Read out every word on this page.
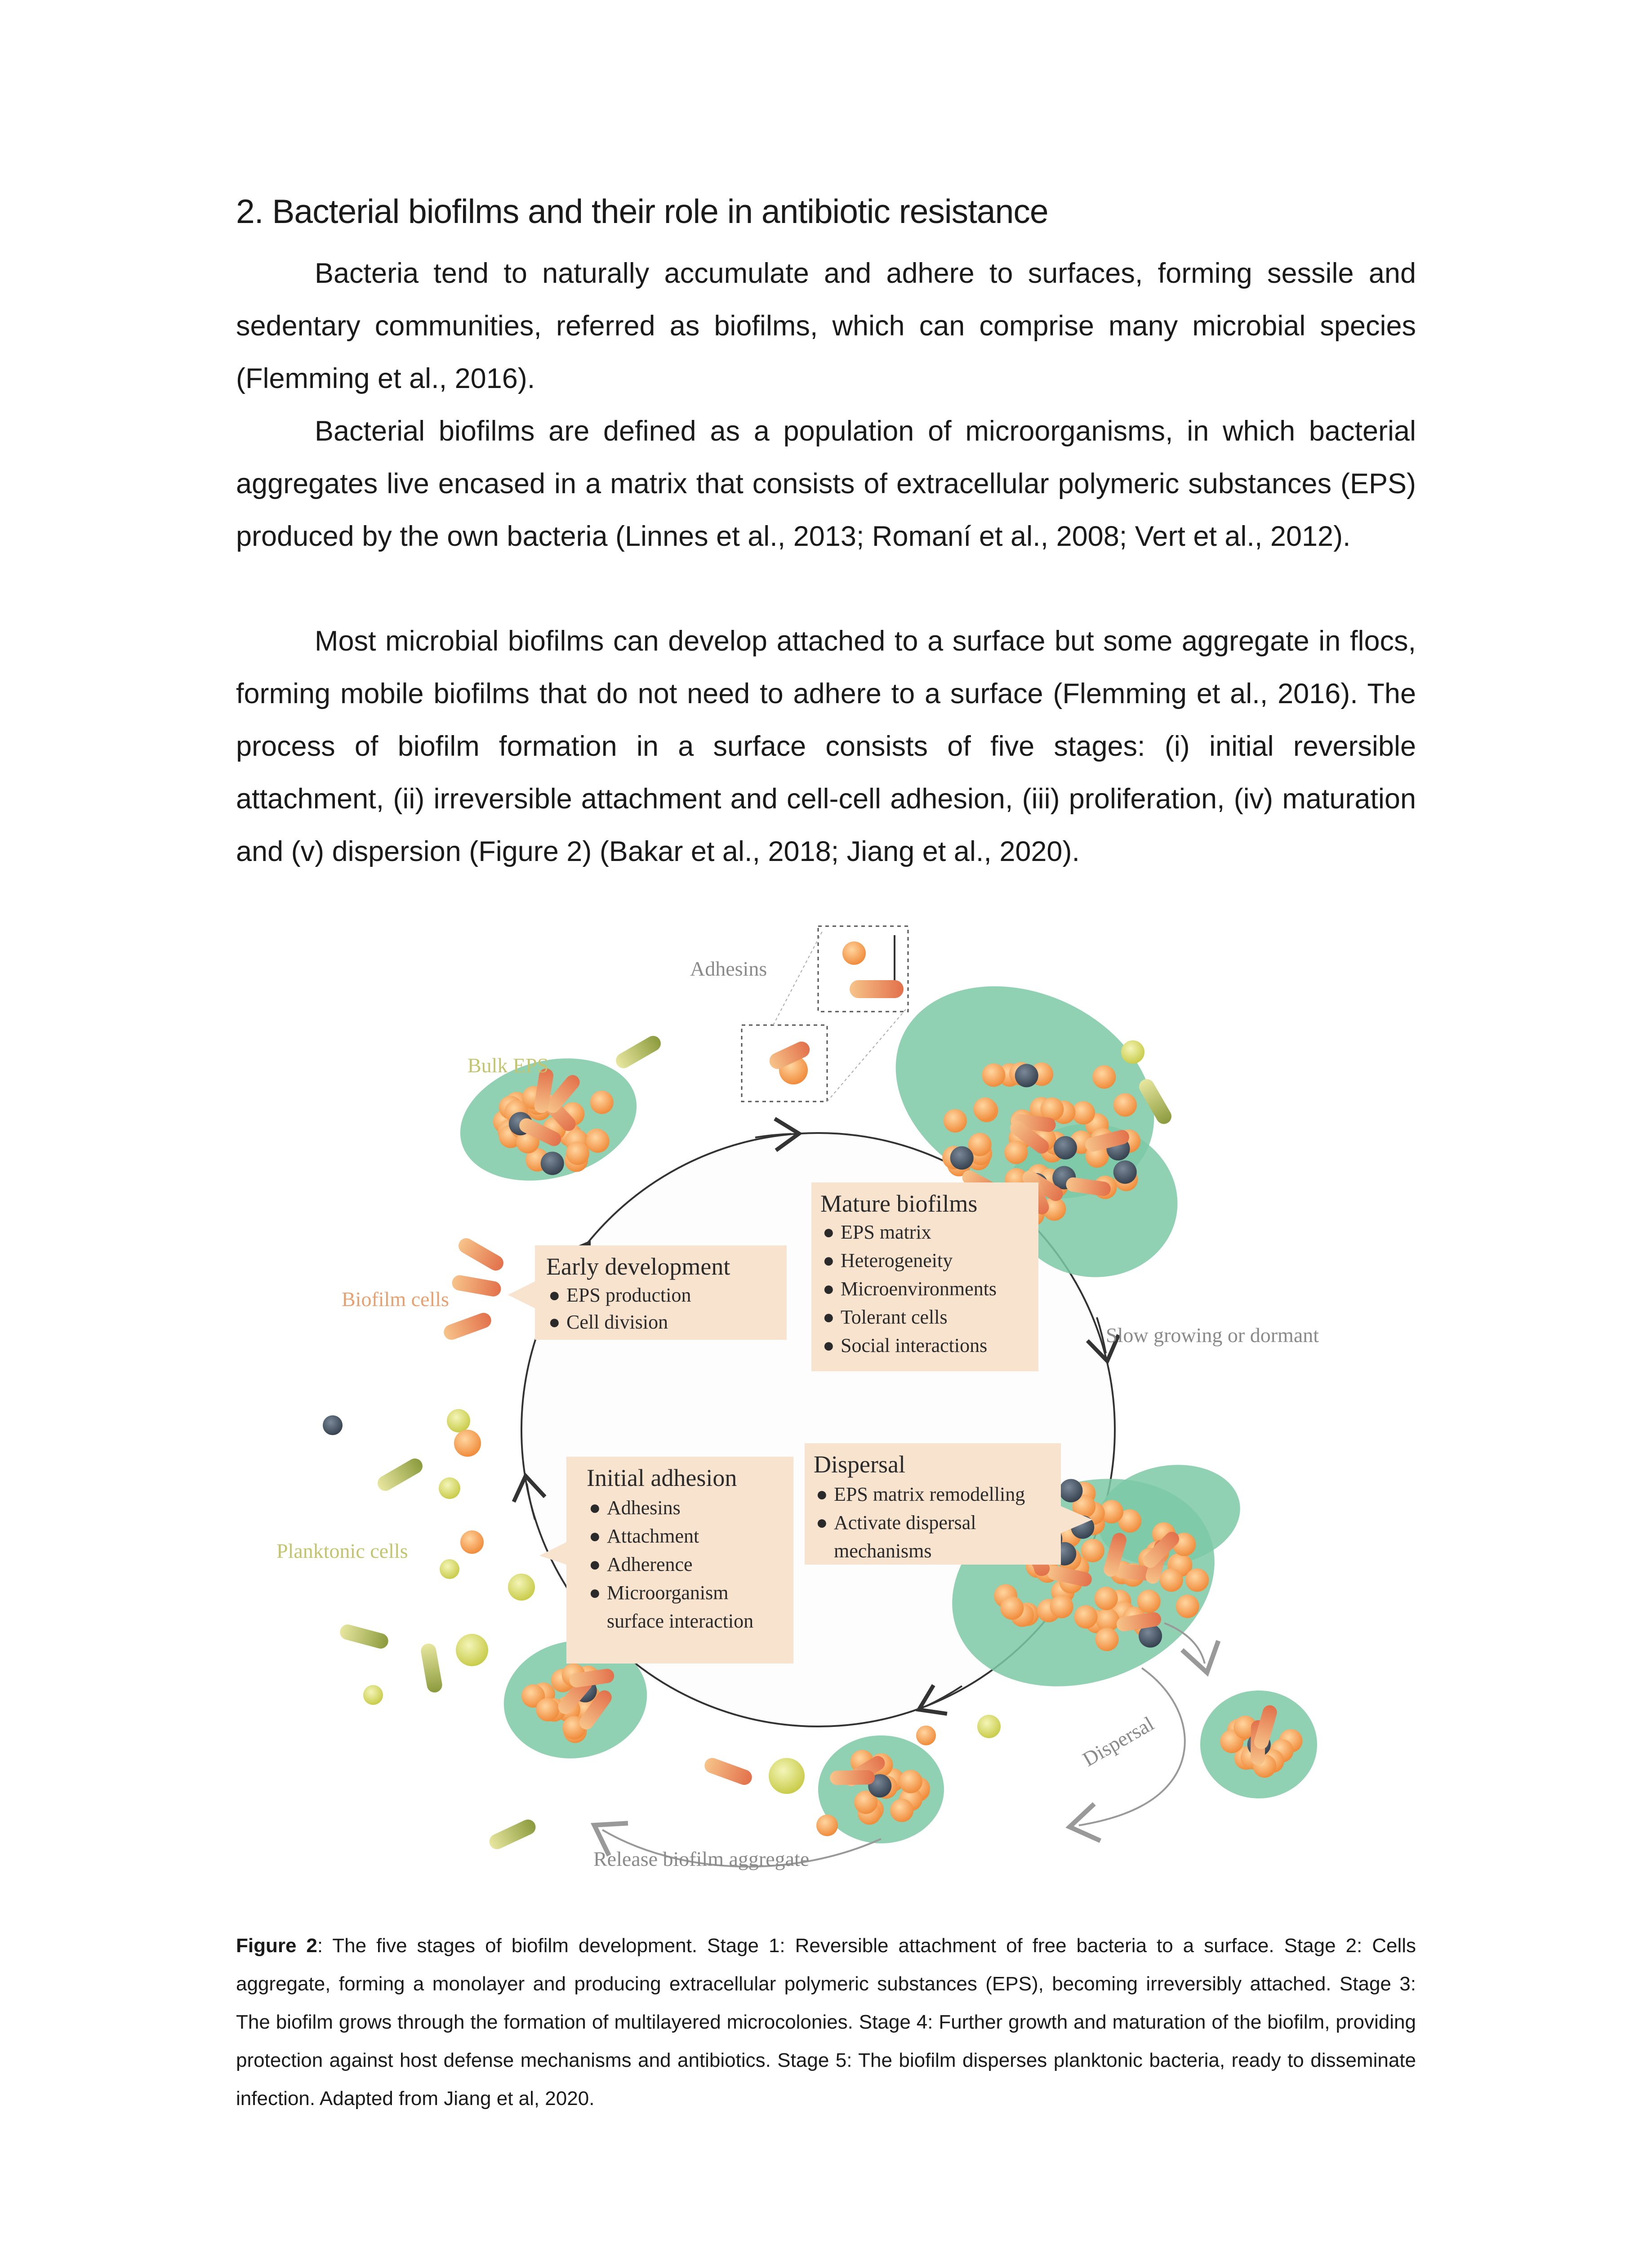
2. Bacterial biofilms and their role in antibiotic resistance

Bacteria tend to naturally accumulate and adhere to surfaces, forming sessile and sedentary communities, referred as biofilms, which can comprise many microbial species (Flemming et al., 2016).

Bacterial biofilms are defined as a population of microorganisms, in which bacterial aggregates live encased in a matrix that consists of extracellular polymeric substances (EPS) produced by the own bacteria (Linnes et al., 2013; Romaní et al., 2008; Vert et al., 2012).

Most microbial biofilms can develop attached to a surface but some aggregate in flocs, forming mobile biofilms that do not need to adhere to a surface (Flemming et al., 2016). The process of biofilm formation in a surface consists of five stages: (i) initial reversible attachment, (ii) irreversible attachment and cell-cell adhesion, (iii) proliferation, (iv) maturation and (v) dispersion (Figure 2) (Bakar et al., 2018; Jiang et al., 2020).

Adhesins
Bulk EPS
Biofilm cells
Planktonic cells
Slow growing or dormant
Dispersal
Release biofilm aggregate
Early development
● EPS production
● Cell division
Mature biofilms
● EPS matrix
● Heterogeneity
● Microenvironments
● Tolerant cells
● Social interactions
Initial adhesion
● Adhesins
● Attachment
● Adherence
● Microorganism
surface interaction
Dispersal
● EPS matrix remodelling
● Activate dispersal
mechanisms

Figure 2: The five stages of biofilm development. Stage 1: Reversible attachment of free bacteria to a surface. Stage 2: Cells aggregate, forming a monolayer and producing extracellular polymeric substances (EPS), becoming irreversibly attached. Stage 3: The biofilm grows through the formation of multilayered microcolonies. Stage 4: Further growth and maturation of the biofilm, providing protection against host defense mechanisms and antibiotics. Stage 5: The biofilm disperses planktonic bacteria, ready to disseminate infection. Adapted from Jiang et al, 2020.
